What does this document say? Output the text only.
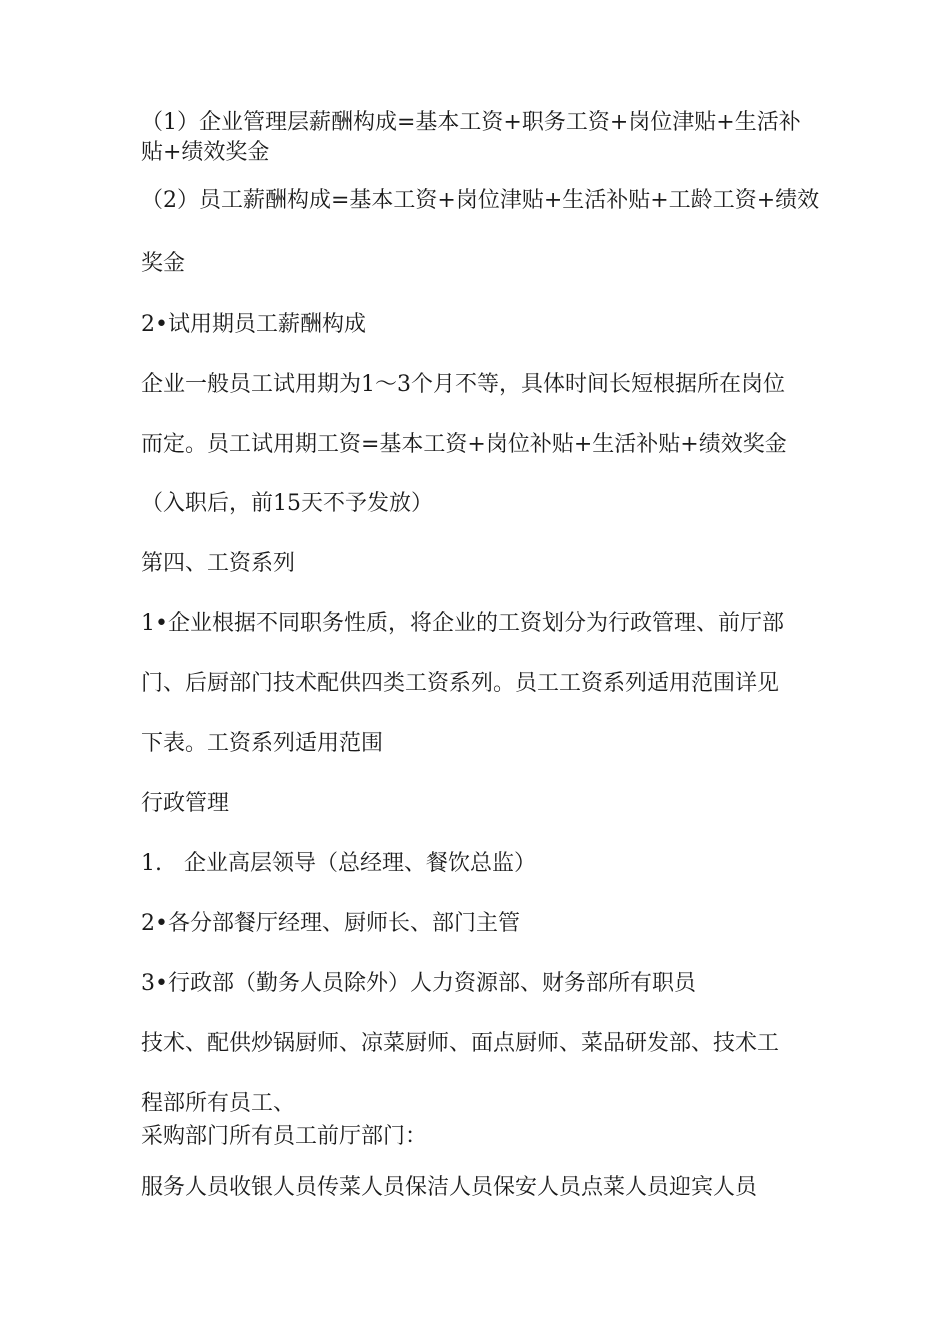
（1）企业管理层薪酬构成=基本工资+职务工资+岗位津贴+生活补贴+绩效奖金

（2）员工薪酬构成=基本工资+岗位津贴+生活补贴+工龄工资+绩效

奖金

2•试用期员工薪酬构成

企业一般员工试用期为1〜3个月不等，具体时间长短根据所在岗位

而定。员工试用期工资=基本工资+岗位补贴+生活补贴+绩效奖金

（入职后，前15天不予发放）

第四、工资系列

1•企业根据不同职务性质，将企业的工资划分为行政管理、前厅部

门、后厨部门技术配供四类工资系列。员工工资系列适用范围详见

下表。工资系列适用范围

行政管理

1.　企业高层领导（总经理、餐饮总监）

2•各分部餐厅经理、厨师长、部门主管

3•行政部（勤务人员除外）人力资源部、财务部所有职员

技术、配供炒锅厨师、凉菜厨师、面点厨师、菜品研发部、技术工

程部所有员工、

采购部门所有员工前厅部门：

服务人员收银人员传菜人员保洁人员保安人员点菜人员迎宾人员
